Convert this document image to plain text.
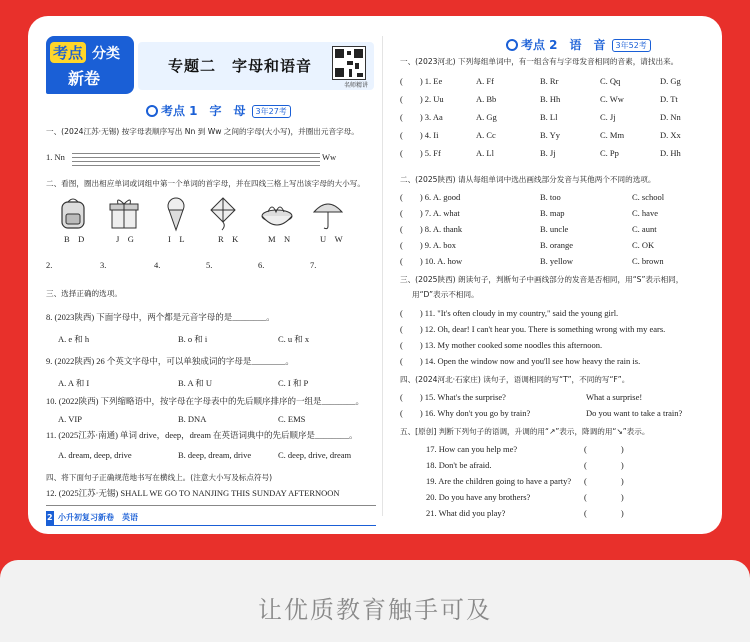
考点 分类
新卷
专题二　字母和语音
名师精讲
考点 1　字　母 3年27考
一、(2024江苏·无锡) 按字母表顺序写出 Nn 到 Ww 之间的字母(大小写)，并圈出元音字母。
1. Nn	Ww
二、看图，圈出相应单词或词组中第一个单词的首字母，并在四线三格上写出该字母的大小写。
B　D	J　G	I　L	R　K	M　N	U　W
2.	3.	4.	5.	6.	7.
三、选择正确的选项。
8. (2023陕西) 下面字母中，两个都是元音字母的是________。
A. e 和 h	B. o 和 i	C. u 和 x
9. (2022陕西) 26 个英文字母中，可以单独成词的字母是________。
A. A 和 I	B. A 和 U	C. I 和 P
10. (2022陕西) 下列缩略语中，按字母在字母表中的先后顺序排序的一组是________。
A. VIP	B. DNA	C. EMS
11. (2025江苏·南通) 单词 drive，deep，dream 在英语词典中的先后顺序是________。
A. dream, deep, drive	B. deep, dream, drive	C. deep, drive, dream
四、将下面句子正确规范地书写在横线上。(注意大小写及标点符号)
12. (2025江苏·无锡) SHALL WE GO TO NANJING THIS SUNDAY AFTERNOON
2 小升初复习新卷　英语
考点 2　语　音 3年52考
一、(2023河北) 下列每组单词中，有一组含有与字母发音相同的音素，请找出来。
二、(2025陕西) 请从每组单词中选出画线部分发音与其他两个不同的选项。
(　　) 6. A. good	B. too	C. school
(　　) 7. A. what	B. map	C. have
(　　) 8. A. thank	B. uncle	C. aunt
(　　) 9. A. box	B. orange	C. OK
(　　) 10. A. how	B. yellow	C. brown
三、(2025陕西) 朗读句子，判断句子中画线部分的发音是否相同，用“S”表示相同，
用“D”表示不相同。
(　　) 11. "It's often cloudy in my country," said the young girl.
(　　) 12. Oh, dear! I can't hear you. There is something wrong with my ears.
(　　) 13. My mother cooked some noodles this afternoon.
(　　) 14. Open the window now and you'll see how heavy the rain is.
四、(2024河北·石家庄) 读句子，语调相同的写“T”，不同的写“F”。
(　　) 15. What's the surprise?	What a surprise!
(　　) 16. Why don't you go by train?	Do you want to take a train?
五、[原创] 判断下列句子的语调，升调的用“↗”表示，降调的用“↘”表示。
17. How can you help me?	(　　　　)
18. Don't be afraid.	(　　　　)
19. Are the children going to have a party? (　　　　)
20. Do you have any brothers?	(　　　　)
21. What did you play?	(　　　　)
(　　) 1. Ee	A. Ff	B. Rr	C. Qq	D. Gg
(　　) 2. Uu	A. Bb	B. Hh	C. Ww	D. Tt
(　　) 3. Aa	A. Gg	B. Ll	C. Jj	D. Nn
(　　) 4. Ii	A. Cc	B. Yy	C. Mm	D. Xx
(　　) 5. Ff	A. Ll	B. Jj	C. Pp	D. Hh
让优质教育触手可及
